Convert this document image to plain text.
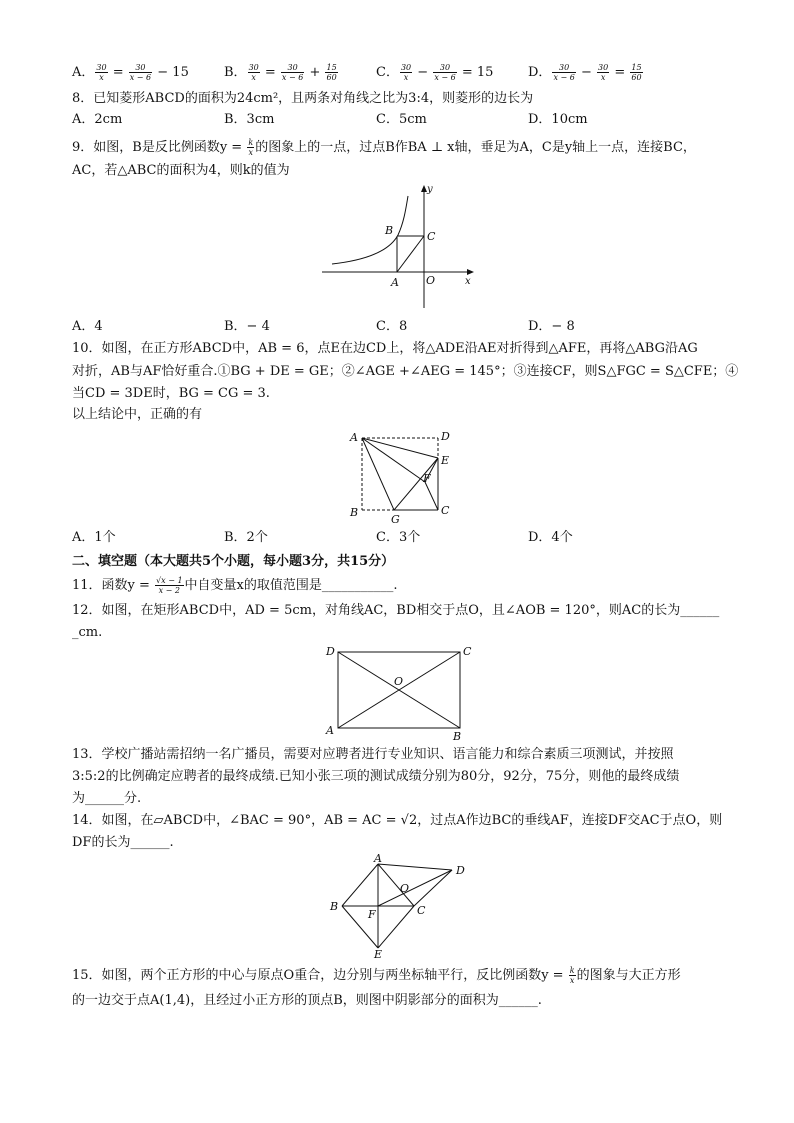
A． $\frac{30}{x} = \frac{30}{x - 6} - 15$	B． $\frac{30}{x} = \frac{30}{x - 6} + \frac{15}{60}$	C． $\frac{30}{x} - \frac{30}{x - 6} = 15$	D． $\frac{30}{x - 6} - \frac{30}{x} = \frac{15}{60}$
8．已知菱形ABCD的面积为24cm²，且两条对角线之比为3:4，则菱形的边长为
A．2cm	B．3cm	C．5cm	D．10cm
9．如图，B是反比例函数$y = \frac{k}{x}$ 的图象上的一点，过点B作BA ⊥ x轴，垂足为A，C是y轴上一点，连接BC，
AC，若△ABC的面积为4，则k的值为
y
x
B	C
A O
A．4	B．− 4	C．8	D．− 8
10．如图，在正方形ABCD中，AB = 6，点E在边CD上，将△ADE沿AE对折得到△AFE，再将△ABG沿AG
对折，AB与AF恰好重合.①BG + DE = GE；②∠AGE +∠AEG = 145°；③连接CF，则S△FGC = S△CFE；④
当CD = 3DE时，BG = CG = 3.
以上结论中，正确的有
A	D
E
F
C
B
G
A．1个	B．2个	C．3个	D．4个
二、填空题（本大题共5个小题，每小题3分，共15分）
11．函数$y = \frac{√x - 1}{x - 2}$ 中自变量x的取值范围是___________.
12．如图，在矩形ABCD中，AD = 5cm，对角线AC，BD相交于点O，且∠AOB = 120°，则AC的长为______
_cm.
D	C
A	B
O
13．学校广播站需招纳一名广播员，需要对应聘者进行专业知识、语言能力和综合素质三项测试，并按照
3:5:2的比例确定应聘者的最终成绩.已知小张三项的测试成绩分别为80分，92分，75分，则他的最终成绩
为______分.
14．如图，在▱ABCD中，∠BAC = 90°，AB = AC = √2，过点A作边BC的垂线AF，连接DF交AC于点O，则
DF的长为______.
A
B	C
D
E
F
O
15．如图，两个正方形的中心与原点O重合，边分别与两坐标轴平行，反比例函数$y = \frac{k}{x}$ 的图象与大正方形
的一边交于点A(1,4)，且经过小正方形的顶点B，则图中阴影部分的面积为______.
